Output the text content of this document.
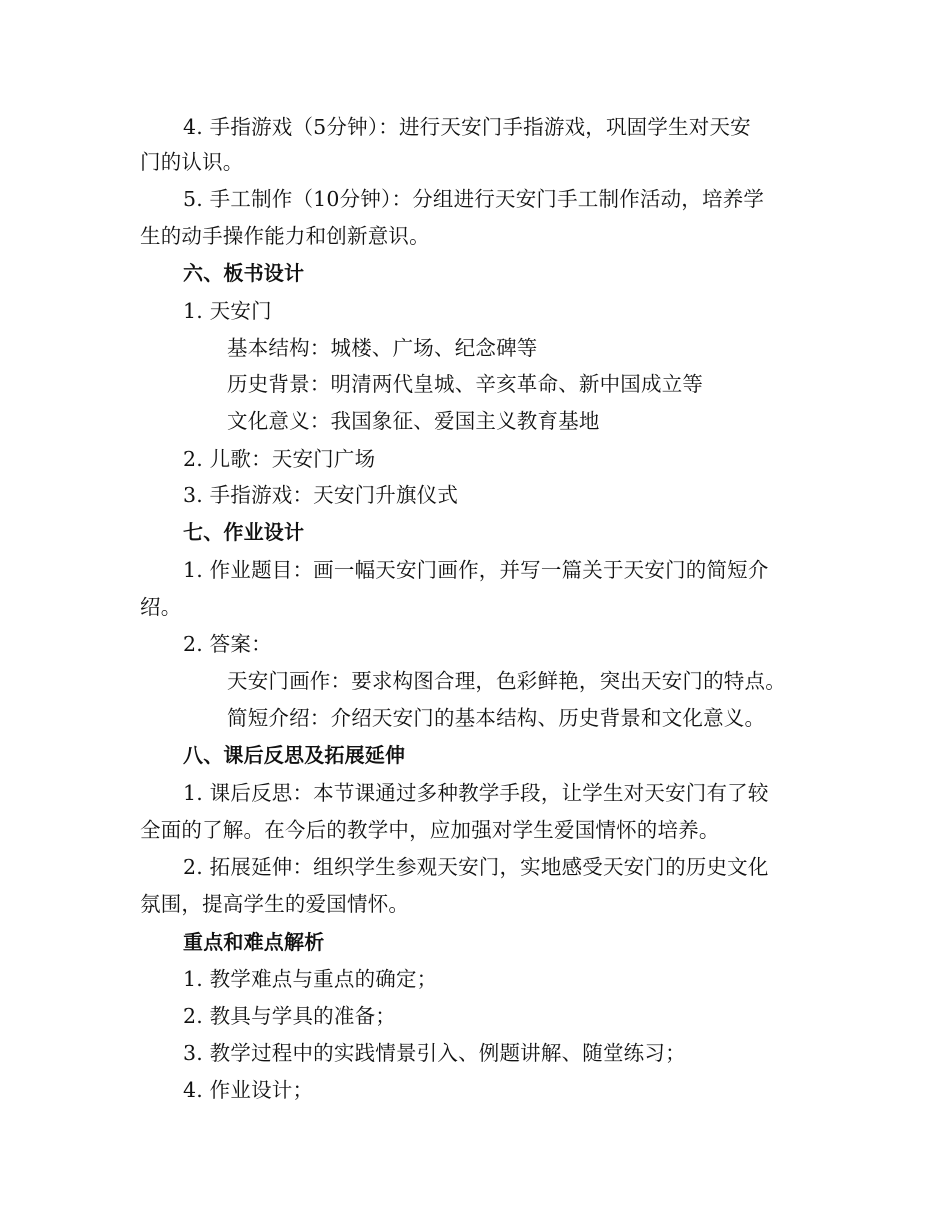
4. 手指游戏（5分钟）：进行天安门手指游戏，巩固学生对天安
门的认识。
5. 手工制作（10分钟）：分组进行天安门手工制作活动，培养学
生的动手操作能力和创新意识。
六、板书设计
1. 天安门
基本结构：城楼、广场、纪念碑等
历史背景：明清两代皇城、辛亥革命、新中国成立等
文化意义：我国象征、爱国主义教育基地
2. 儿歌：天安门广场
3. 手指游戏：天安门升旗仪式
七、作业设计
1. 作业题目：画一幅天安门画作，并写一篇关于天安门的简短介
绍。
2. 答案：
天安门画作：要求构图合理，色彩鲜艳，突出天安门的特点。
简短介绍：介绍天安门的基本结构、历史背景和文化意义。
八、课后反思及拓展延伸
1. 课后反思：本节课通过多种教学手段，让学生对天安门有了较
全面的了解。在今后的教学中，应加强对学生爱国情怀的培养。
2. 拓展延伸：组织学生参观天安门，实地感受天安门的历史文化
氛围，提高学生的爱国情怀。
重点和难点解析
1. 教学难点与重点的确定；
2. 教具与学具的准备；
3. 教学过程中的实践情景引入、例题讲解、随堂练习；
4. 作业设计；
